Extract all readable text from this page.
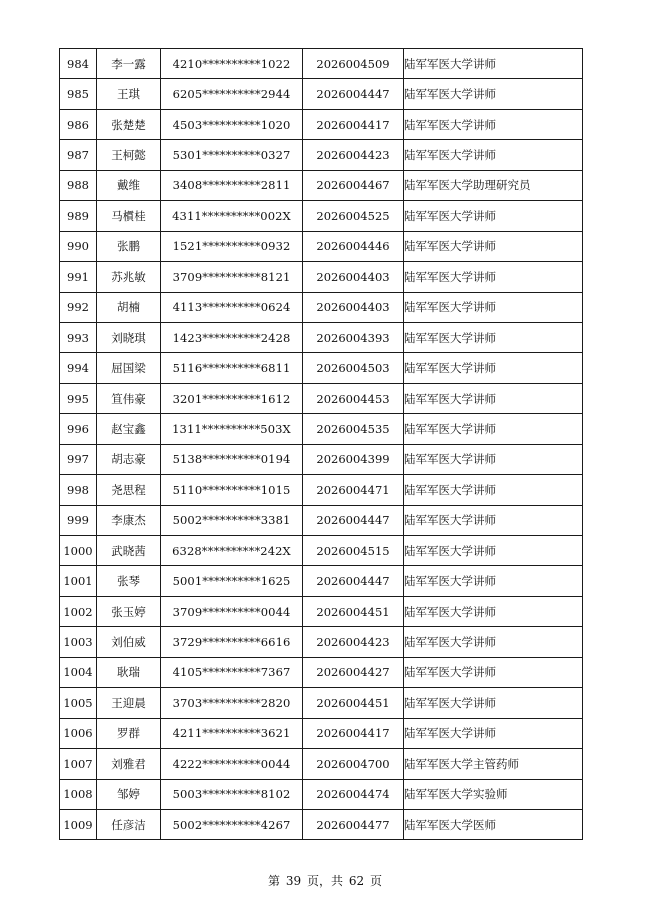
984	李一露	4210**********1022	2026004509	陆军军医大学讲师
985	王琪	6205**********2944	2026004447	陆军军医大学讲师
986	张楚楚	4503**********1020	2026004417	陆军军医大学讲师
987	王柯懿	5301**********0327	2026004423	陆军军医大学讲师
988	戴维	3408**********2811	2026004467	陆军军医大学助理研究员
989	马樌桂	4311**********002X	2026004525	陆军军医大学讲师
990	张鹏	1521**********0932	2026004446	陆军军医大学讲师
991	苏兆敏	3709**********8121	2026004403	陆军军医大学讲师
992	胡楠	4113**********0624	2026004403	陆军军医大学讲师
993	刘晓琪	1423**********2428	2026004393	陆军军医大学讲师
994	屈国梁	5116**********6811	2026004503	陆军军医大学讲师
995	笪伟豪	3201**********1612	2026004453	陆军军医大学讲师
996	赵宝鑫	1311**********503X	2026004535	陆军军医大学讲师
997	胡志豪	5138**********0194	2026004399	陆军军医大学讲师
998	尧思程	5110**********1015	2026004471	陆军军医大学讲师
999	李康杰	5002**********3381	2026004447	陆军军医大学讲师
1000	武晓茜	6328**********242X	2026004515	陆军军医大学讲师
1001	张琴	5001**********1625	2026004447	陆军军医大学讲师
1002	张玉婷	3709**********0044	2026004451	陆军军医大学讲师
1003	刘伯威	3729**********6616	2026004423	陆军军医大学讲师
1004	耿瑞	4105**********7367	2026004427	陆军军医大学讲师
1005	王迎晨	3703**********2820	2026004451	陆军军医大学讲师
1006	罗群	4211**********3621	2026004417	陆军军医大学讲师
1007	刘雅君	4222**********0044	2026004700	陆军军医大学主管药师
1008	邹婷	5003**********8102	2026004474	陆军军医大学实验师
1009	任彦洁	5002**********4267	2026004477	陆军军医大学医师
第 39 页，共 62 页
